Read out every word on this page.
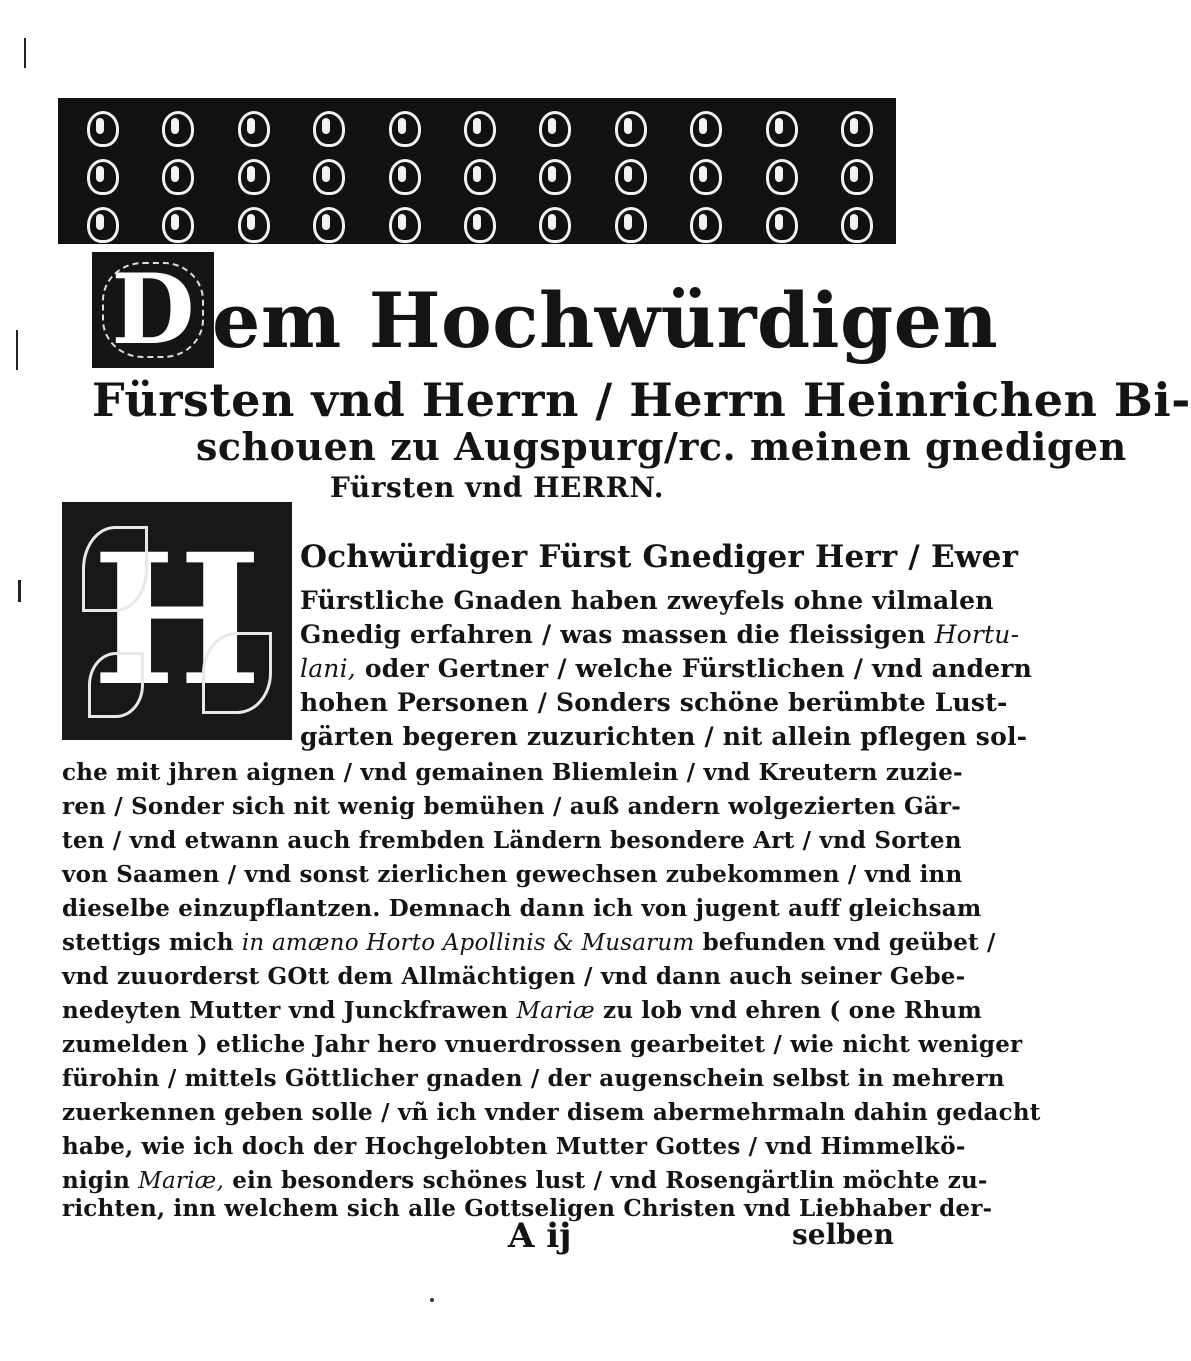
D em Hochwürdigen
Fürsten vnd Herrn / Herrn Heinrichen Bi-
schouen zu Augspurg/rc. meinen gnedigen
Fürsten vnd HERRN.
H	Ochwürdiger Fürst Gnediger Herr / Ewer
Fürstliche Gnaden haben zweyfels ohne vilmalen
Gnedig erfahren / was massen die fleissigen Hortu-
lani, oder Gertner / welche Fürstlichen / vnd andern
hohen Personen / Sonders schöne berümbte Lust-
gärten begeren zuzurichten / nit allein pflegen sol-
che mit jhren aignen / vnd gemainen Bliemlein / vnd Kreutern zuzie-
ren / Sonder sich nit wenig bemühen / auß andern wolgezierten Gär-
ten / vnd etwann auch frembden Ländern besondere Art / vnd Sorten
von Saamen / vnd sonst zierlichen gewechsen zubekommen / vnd inn
dieselbe einzupflantzen. Demnach dann ich von jugent auff gleichsam
stettigs mich in amæno Horto Apollinis & Musarum befunden vnd geübet /
vnd zuuorderst GOtt dem Allmächtigen / vnd dann auch seiner Gebe-
nedeyten Mutter vnd Junckfrawen Mariæ zu lob vnd ehren ( one Rhum
zumelden ) etliche Jahr hero vnuerdrossen gearbeitet / wie nicht weniger
fürohin / mittels Göttlicher gnaden / der augenschein selbst in mehrern
zuerkennen geben solle / vñ ich vnder disem abermehrmaln dahin gedacht
habe, wie ich doch der Hochgelobten Mutter Gottes / vnd Himmelkö-
nigin Mariæ, ein besonders schönes lust / vnd Rosengärtlin möchte zu-
richten, inn welchem sich alle Gottseligen Christen vnd Liebhaber der-
A ij	selben
